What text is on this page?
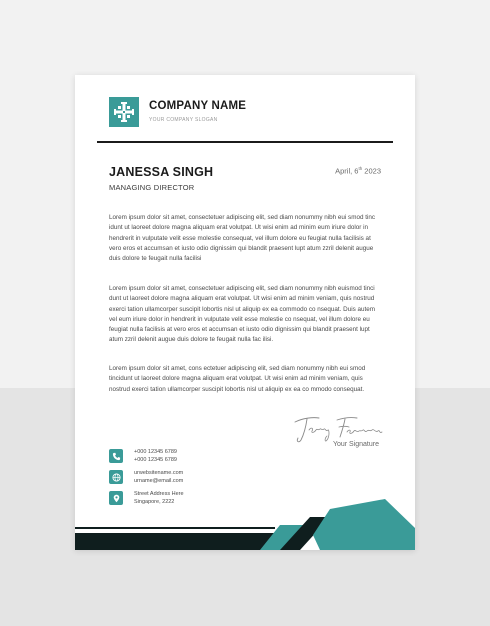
COMPANY NAME
YOUR COMPANY SLOGAN
JANESSA SINGH
MANAGING DIRECTOR
April, 6th 2023

Lorem ipsum dolor sit amet, consectetuer adipiscing elit, sed diam nonummy nibh eui smod tinc idunt ut laoreet dolore magna aliquam erat volutpat. Ut wisi enim ad minim eum iriure dolor in hendrerit in vulputate velit esse molestie consequat, vel illum dolore eu feugiat nulla facilisis at vero eros et accumsan et iusto odio dignissim qui blandit praesent lupt atum zzril delenit augue duis dolore te feugait nulla facilisi

Lorem ipsum dolor sit amet, consectetuer adipiscing elit, sed diam nonummy nibh euismod tinci dunt ut laoreet dolore magna aliquam erat volutpat. Ut wisi enim ad minim veniam, quis nostrud exerci tation ullamcorper suscipit lobortis nisl ut aliquip ex ea commodo co nsequat. Duis autem vel eum iriure dolor in hendrerit in vulputate velit esse molestie co nsequat, vel illum dolore eu feugiat nulla facilisis at vero eros et accumsan et iusto odio dignissim qui blandit praesent lupt atum zzril delenit augue duis dolore te feugait nulla fac ilisi.

Lorem ipsum dolor sit amet, cons ectetuer adipiscing elit, sed diam nonummy nibh eui smod tincidunt ut laoreet dolore magna aliquam erat volutpat. Ut wisi enim ad minim veniam, quis nostrud exerci tation ullamcorper suscipit lobortis nisl ut aliquip ex ea co mmodo consequat.

Your Signature
+000 12345 6789
+000 12345 6789
urwebsitename.com
urname@email.com
Street Address Here
Singapore, 2222
